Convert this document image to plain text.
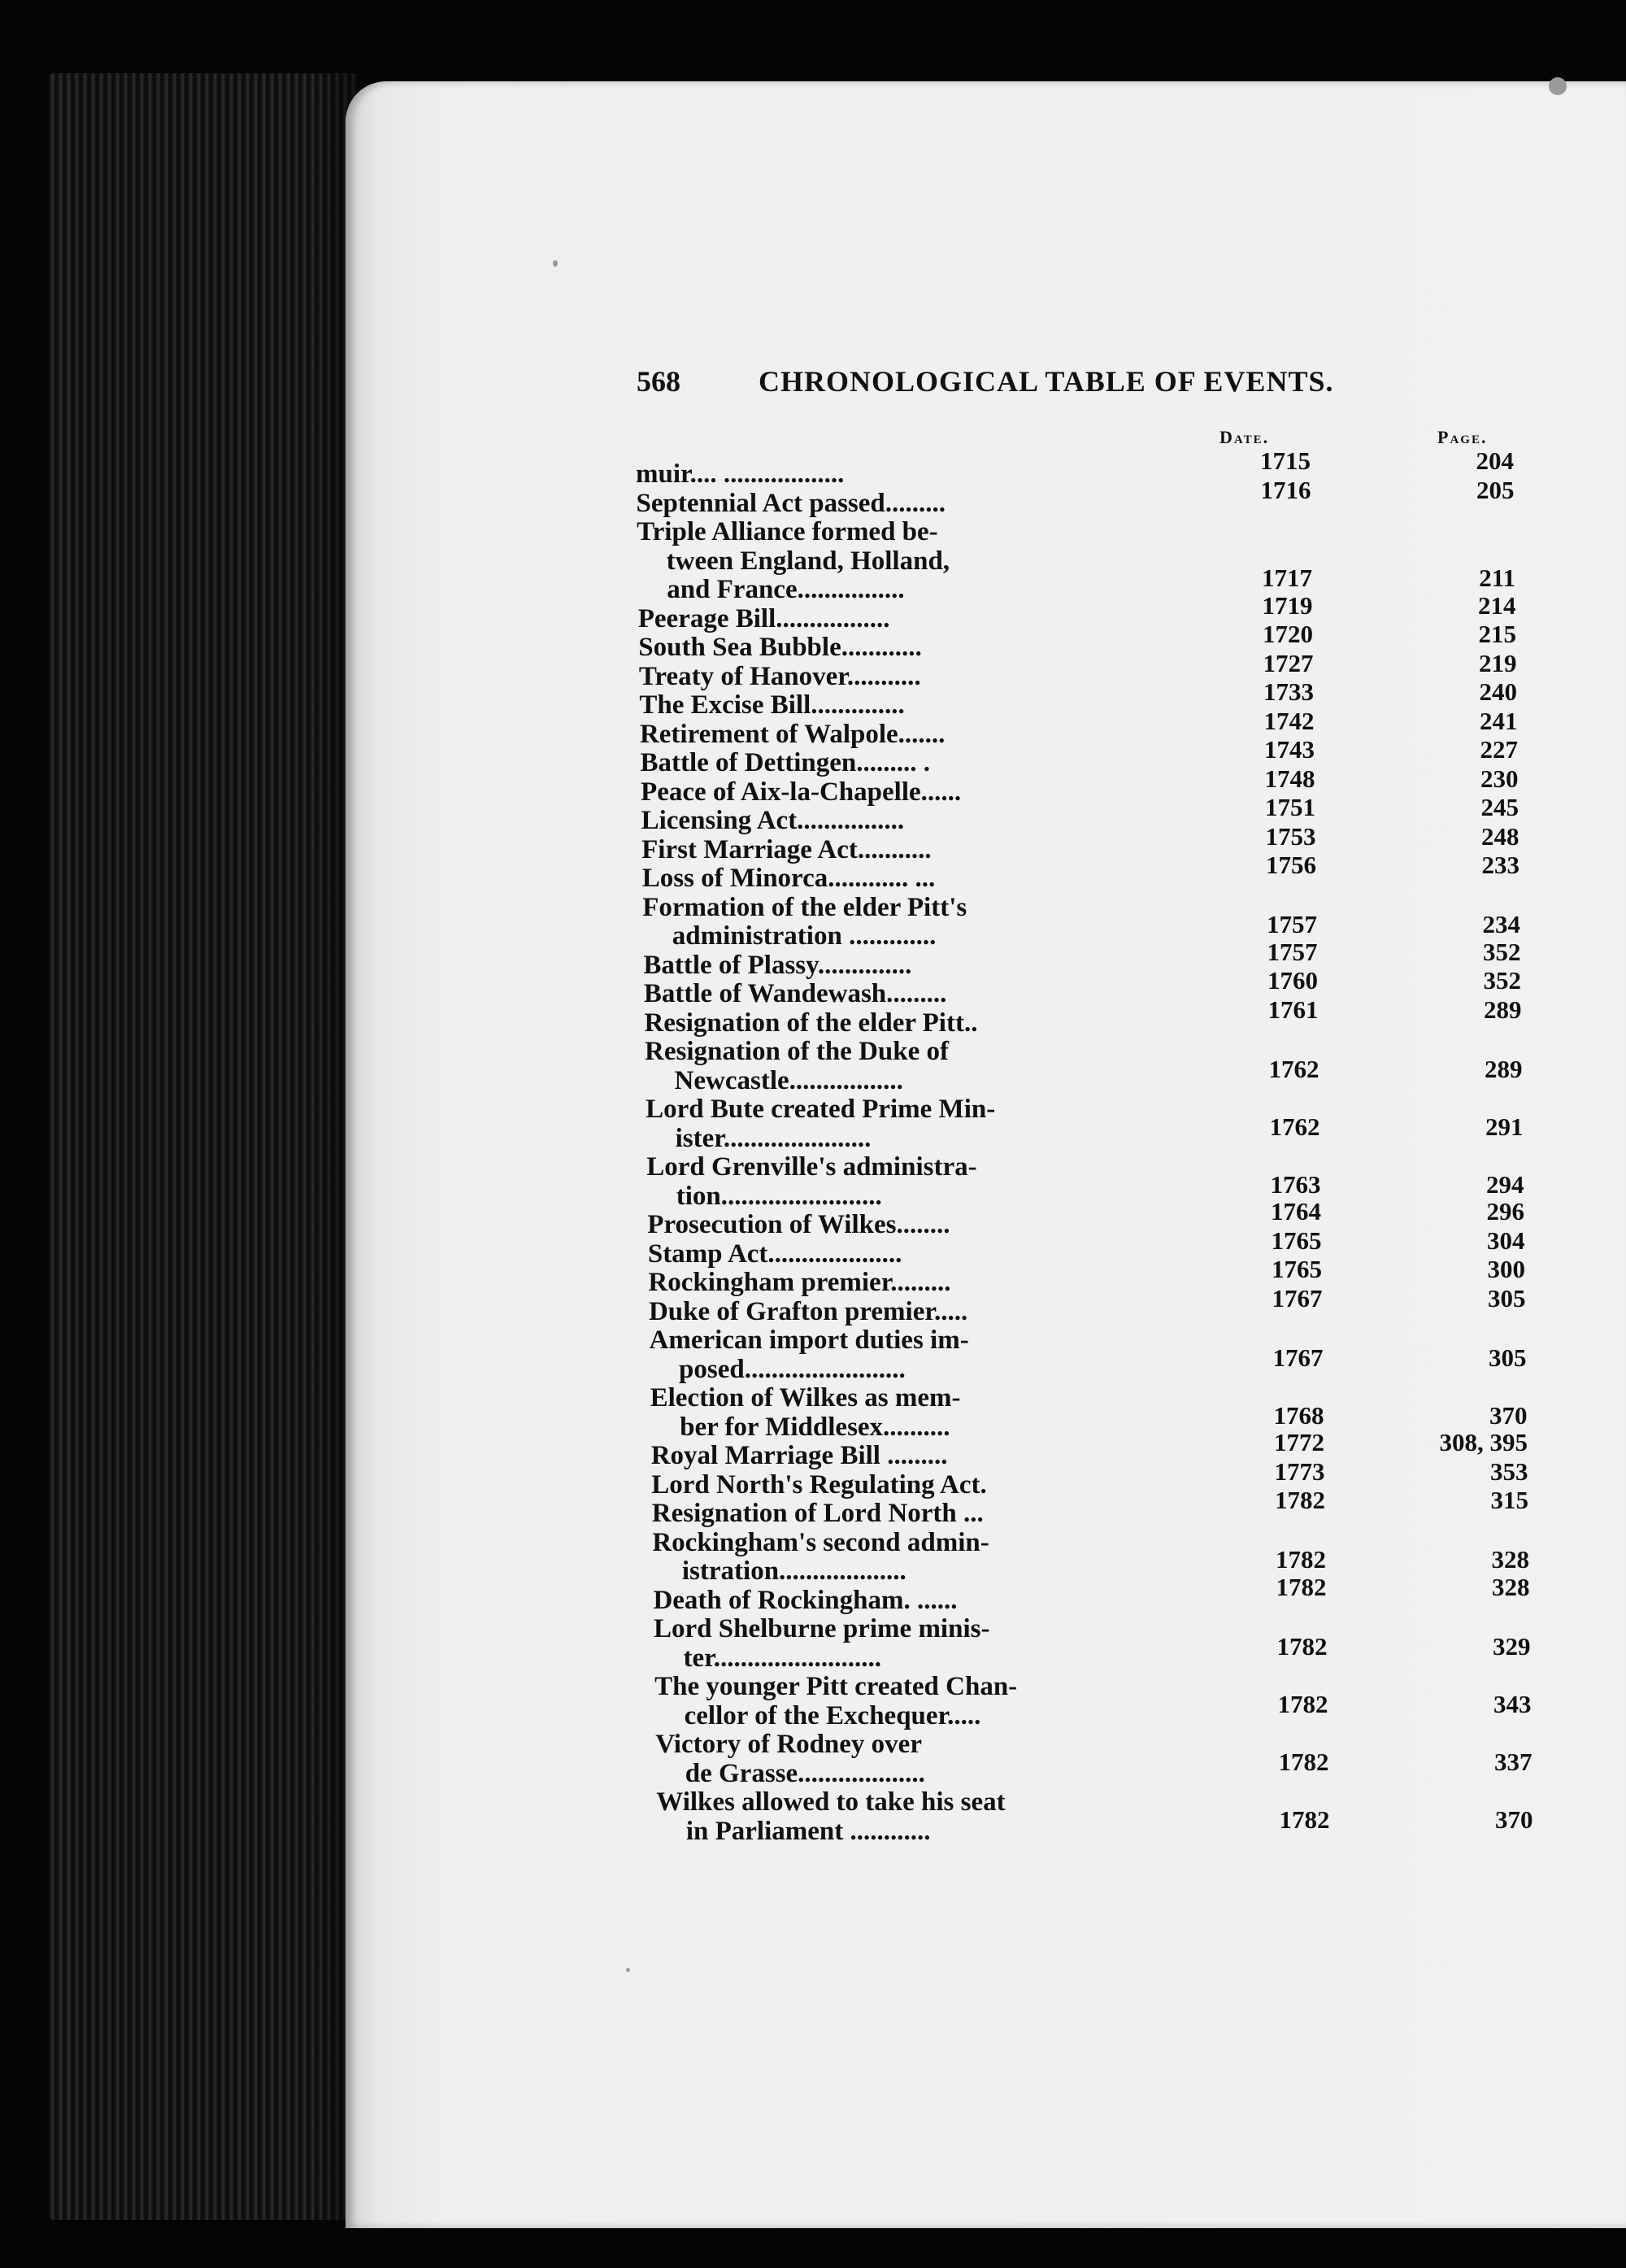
568	CHRONOLOGICAL TABLE OF EVENTS.
Date.	Page.
muir.... ..................	1715	204
Septennial Act passed.........	1716	205
Triple Alliance formed be-
tween England, Holland,
and France................	1717	211
Peerage Bill.................	1719	214
South Sea Bubble............	1720	215
Treaty of Hanover...........	1727	219
The Excise Bill..............	1733	240
Retirement of Walpole.......	1742	241
Battle of Dettingen......... .	1743	227
Peace of Aix-la-Chapelle......	1748	230
Licensing Act................	1751	245
First Marriage Act...........	1753	248
Loss of Minorca............ ...	1756	233
Formation of the elder Pitt's
administration .............	1757	234
Battle of Plassy..............	1757	352
Battle of Wandewash.........	1760	352
Resignation of the elder Pitt..	1761	289
Resignation of the Duke of
Newcastle.................	1762	289
Lord Bute created Prime Min-
ister......................	1762	291
Lord Grenville's administra-
tion........................	1763	294
Prosecution of Wilkes........	1764	296
Stamp Act....................	1765	304
Rockingham premier.........	1765	300
Duke of Grafton premier.....	1767	305
American import duties im-
posed........................	1767	305
Election of Wilkes as mem-
ber for Middlesex..........	1768	370
Royal Marriage Bill .........	1772	308, 395
Lord North's Regulating Act.	1773	353
Resignation of Lord North ...	1782	315
Rockingham's second admin-
istration...................	1782	328
Death of Rockingham. ......	1782	328
Lord Shelburne prime minis-
ter.........................	1782	329
The younger Pitt created Chan-
cellor of the Exchequer.....	1782	343
Victory of Rodney over
de Grasse...................	1782	337
Wilkes allowed to take his seat
in Parliament ............	1782	370
